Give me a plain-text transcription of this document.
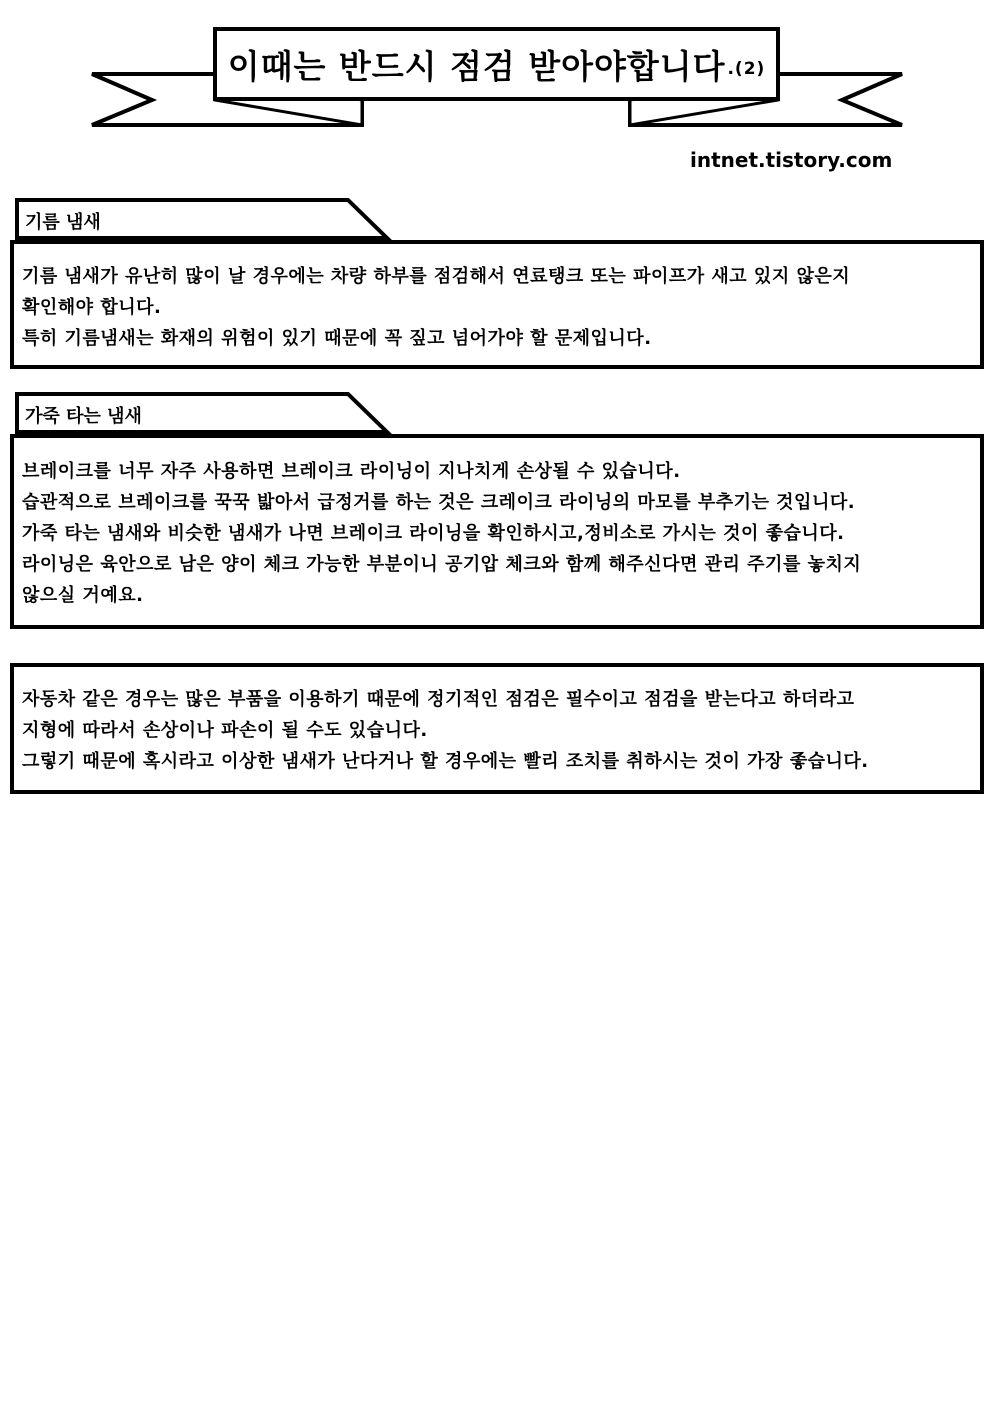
이때는 반드시 점검 받아야합니다 .(2)
intnet.tistory.com
기름 냄새

기름 냄새가 유난히 많이 날 경우에는 차량 하부를 점검해서 연료탱크 또는 파이프가 새고 있지 않은지

확인해야 합니다.

특히 기름냄새는 화재의 위험이 있기 때문에 꼭 짚고 넘어가야 할 문제입니다.

가죽 타는 냄새

브레이크를 너무 자주 사용하면 브레이크 라이닝이 지나치게 손상될 수 있습니다.

습관적으로 브레이크를 꾹꾹 밟아서 급정거를 하는 것은 크레이크 라이닝의 마모를 부추기는 것입니다.

가죽 타는 냄새와 비슷한 냄새가 나면 브레이크 라이닝을 확인하시고,정비소로 가시는 것이 좋습니다.

라이닝은 육안으로 남은 양이 체크 가능한 부분이니 공기압 체크와 함께 해주신다면 관리 주기를 놓치지

않으실 거예요.

자동차 같은 경우는 많은 부품을 이용하기 때문에 정기적인 점검은 필수이고 점검을 받는다고 하더라고

지형에 따라서 손상이나 파손이 될 수도 있습니다.

그렇기 때문에 혹시라고 이상한 냄새가 난다거나 할 경우에는 빨리 조치를 취하시는 것이 가장 좋습니다.
